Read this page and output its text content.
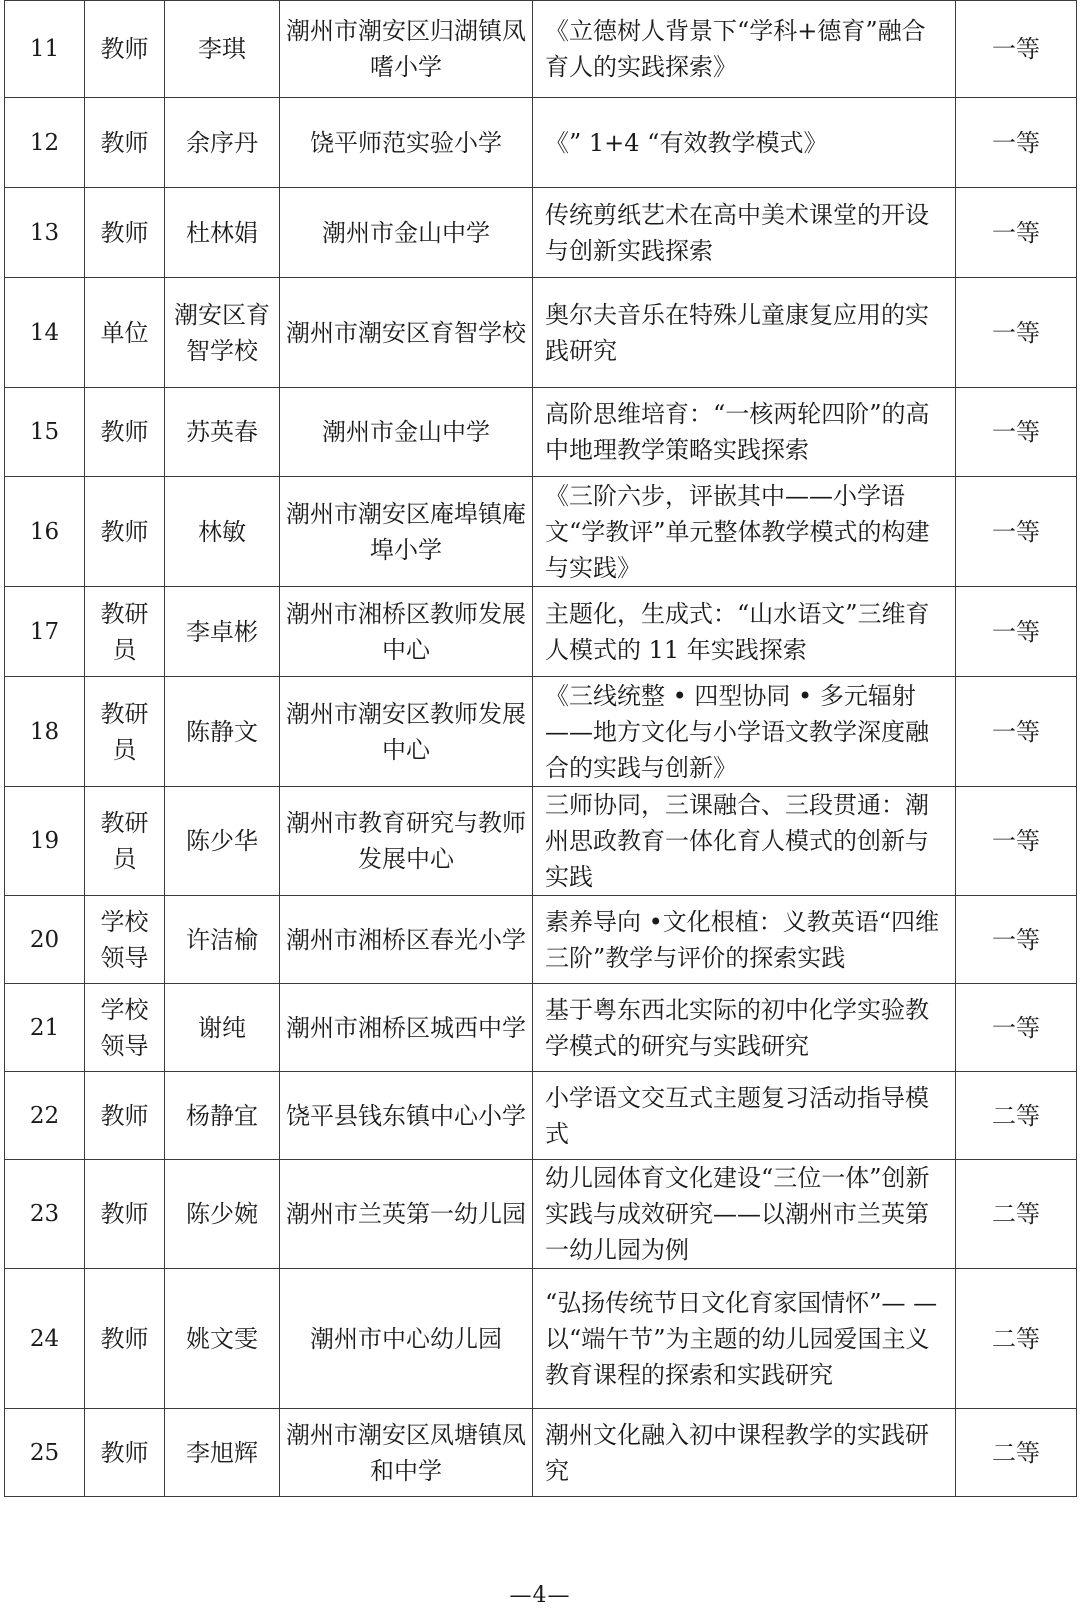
11	教师	李琪	潮州市潮安区归湖镇凤嗜小学	《立德树人背景下“学科+德育”融合育人的实践探索》	一等
12	教师	余序丹	饶平师范实验小学	《” 1+4 “有效教学模式》	一等
13	教师	杜林娟	潮州市金山中学	传统剪纸艺术在高中美术课堂的开设与创新实践探索	一等
14	单位	潮安区育智学校	潮州市潮安区育智学校	奥尔夫音乐在特殊儿童康复应用的实践研究	一等
15	教师	苏英春	潮州市金山中学	高阶思维培育：“一核两轮四阶”的高中地理教学策略实践探索	一等
16	教师	林敏	潮州市潮安区庵埠镇庵埠小学	《三阶六步，评嵌其中——小学语文“学教评”单元整体教学模式的构建与实践》	一等
17	教研员	李卓彬	潮州市湘桥区教师发展中心	主题化，生成式：“山水语文”三维育人模式的 11 年实践探索	一等
18	教研员	陈静文	潮州市潮安区教师发展中心	《三线统整 • 四型协同 • 多元辐射——地方文化与小学语文教学深度融合的实践与创新》	一等
19	教研员	陈少华	潮州市教育研究与教师发展中心	三师协同，三课融合、三段贯通：潮州思政教育一体化育人模式的创新与实践	一等
20	学校领导	许洁榆	潮州市湘桥区春光小学	素养导向 •文化根植：义教英语“四维三阶”教学与评价的探索实践	一等
21	学校领导	谢纯	潮州市湘桥区城西中学	基于粤东西北实际的初中化学实验教学模式的研究与实践研究	一等
22	教师	杨静宜	饶平县钱东镇中心小学	小学语文交互式主题复习活动指导模式	二等
23	教师	陈少婉	潮州市兰英第一幼儿园	幼儿园体育文化建设“三位一体”创新实践与成效研究——以潮州市兰英第一幼儿园为例	二等
24	教师	姚文雯	潮州市中心幼儿园	“弘扬传统节日文化育家国情怀”— — 以“端午节”为主题的幼儿园爱国主义教育课程的探索和实践研究	二等
25	教师	李旭辉	潮州市潮安区凤塘镇凤和中学	潮州文化融入初中课程教学的实践研究	二等
—4—
